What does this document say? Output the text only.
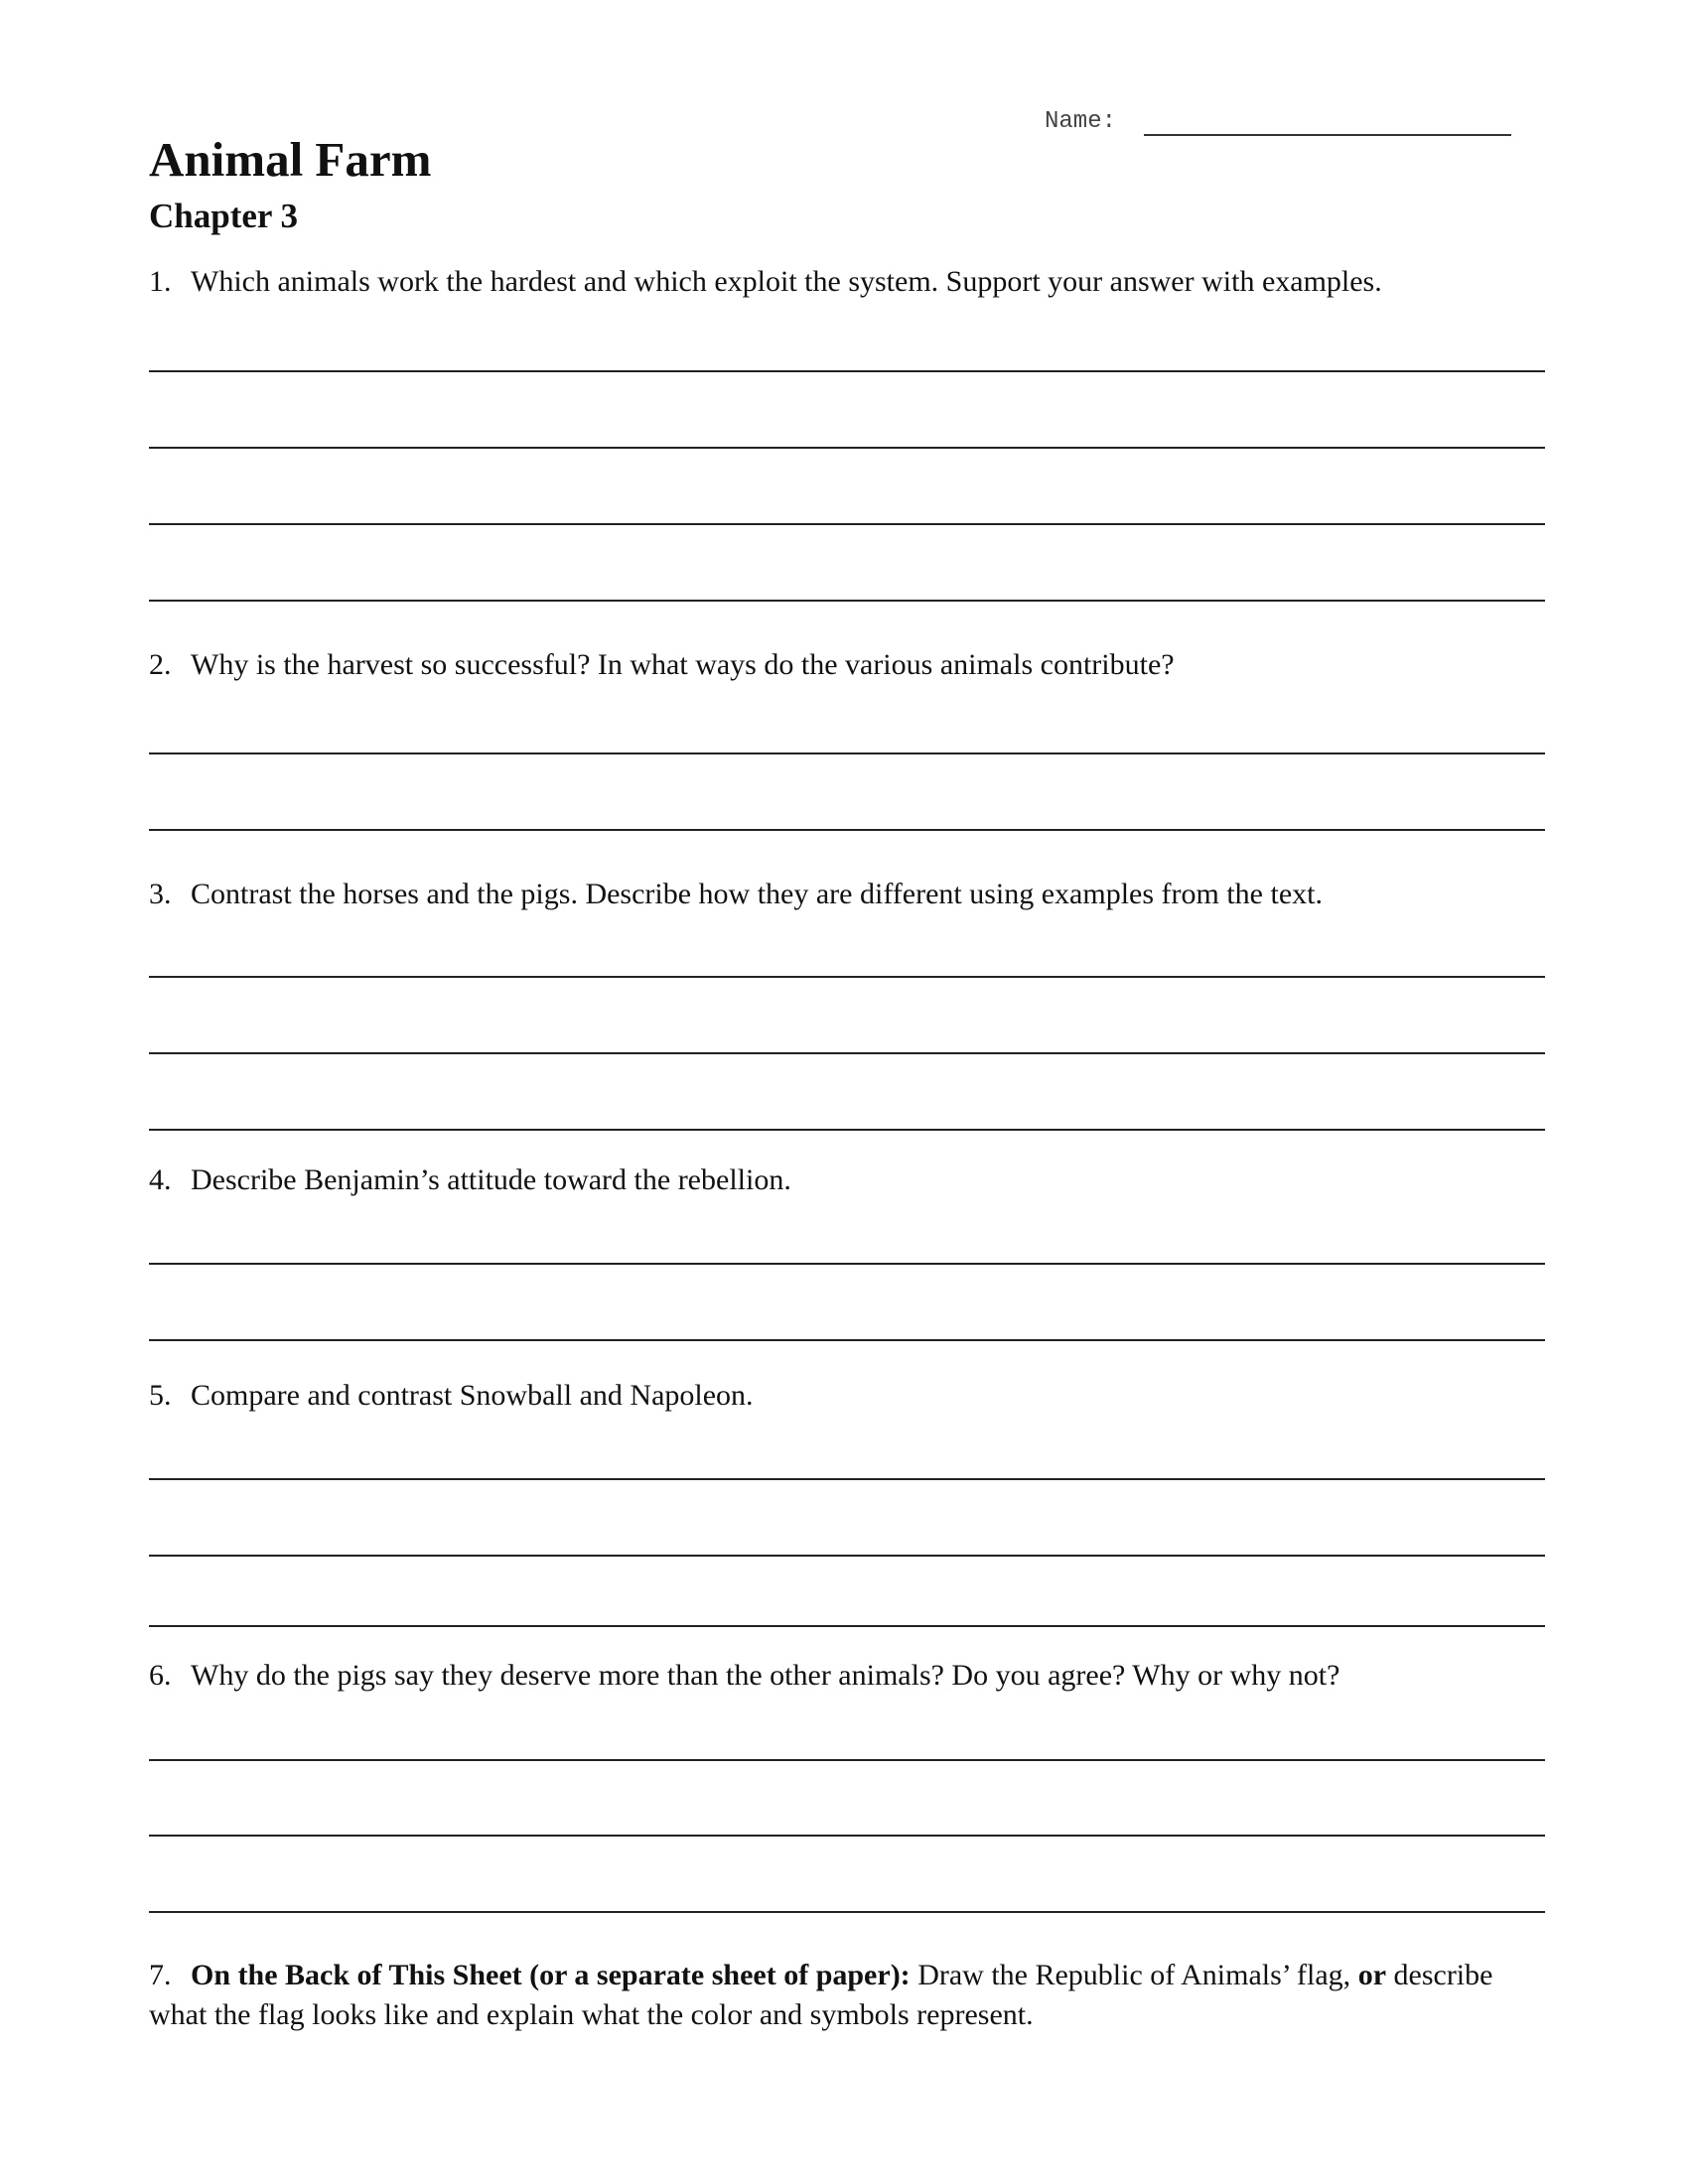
Name:
Animal Farm
Chapter 3
1. Which animals work the hardest and which exploit the system. Support your answer with examples.
2. Why is the harvest so successful? In what ways do the various animals contribute?
3. Contrast the horses and the pigs. Describe how they are different using examples from the text.
4. Describe Benjamin’s attitude toward the rebellion.
5. Compare and contrast Snowball and Napoleon.
6. Why do the pigs say they deserve more than the other animals? Do you agree? Why or why not?
7. On the Back of This Sheet (or a separate sheet of paper): Draw the Republic of Animals’ flag, or describe what the flag looks like and explain what the color and symbols represent.
